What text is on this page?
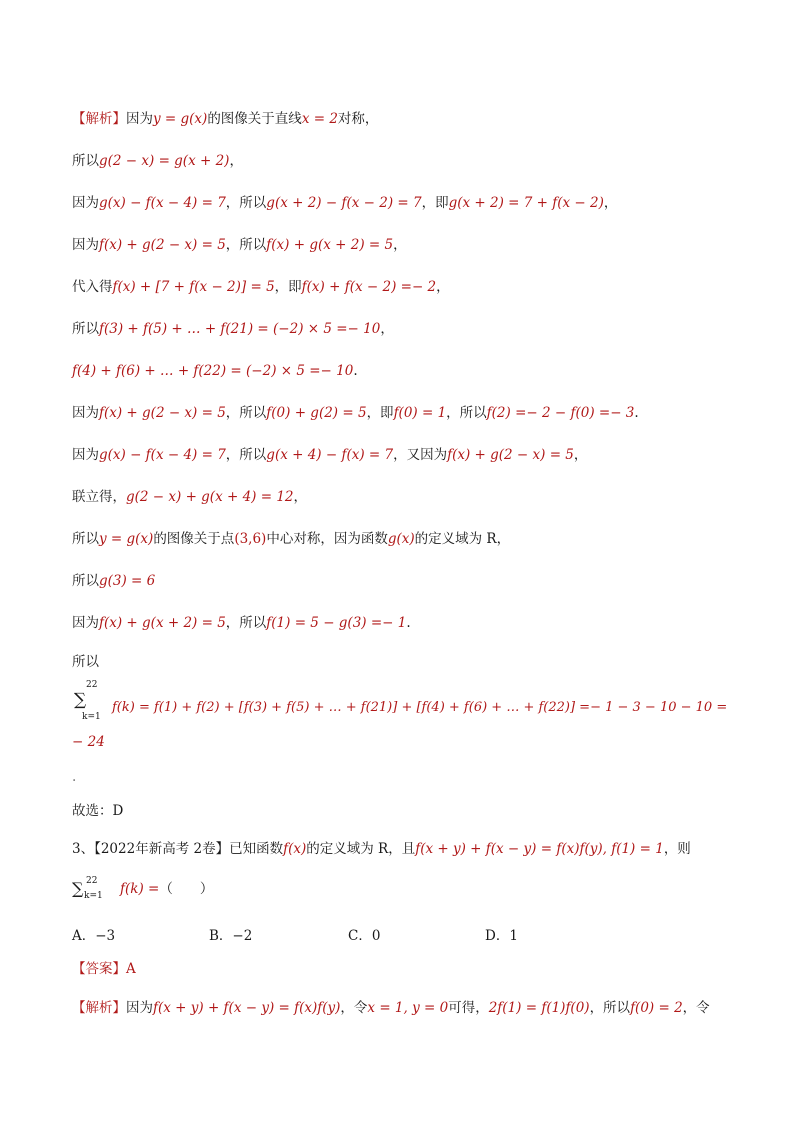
【解析】因为y = g(x)的图像关于直线x = 2对称，
所以g(2 − x) = g(x + 2)，
因为g(x) − f(x − 4) = 7，所以g(x + 2) − f(x − 2) = 7，即g(x + 2) = 7 + f(x − 2)，
因为f(x) + g(2 − x) = 5，所以f(x) + g(x + 2) = 5，
代入得f(x) + [7 + f(x − 2)] = 5，即f(x) + f(x − 2) =− 2，
所以f(3) + f(5) + … + f(21) = (−2) × 5 =− 10，
f(4) + f(6) + … + f(22) = (−2) × 5 =− 10.
因为f(x) + g(2 − x) = 5，所以f(0) + g(2) = 5，即f(0) = 1，所以f(2) =− 2 − f(0) =− 3.
因为g(x) − f(x − 4) = 7，所以g(x + 4) − f(x) = 7，又因为f(x) + g(2 − x) = 5，
联立得，g(2 − x) + g(x + 4) = 12，
所以y = g(x)的图像关于点(3,6)中心对称，因为函数g(x)的定义域为 R，
所以g(3) = 6
因为f(x) + g(x + 2) = 5，所以f(1) = 5 − g(3) =− 1.
所以
22
∑
k=1
f(k) = f(1) + f(2) + [f(3) + f(5) + … + f(21)] + [f(4) + f(6) + … + f(22)] =− 1 − 3 − 10 − 10 =
− 24
.
故选：D
3、【2022年新高考 2卷】已知函数f(x)的定义域为 R，且f(x + y) + f(x − y) = f(x)f(y), f(1) = 1，则
∑ 22
k=1 f(k) =（　　）
A．−3	B．−2	C．0	D．1
【答案】A
【解析】因为f(x + y) + f(x − y) = f(x)f(y)，令x = 1, y = 0可得，2f(1) = f(1)f(0)，所以f(0) = 2，令
